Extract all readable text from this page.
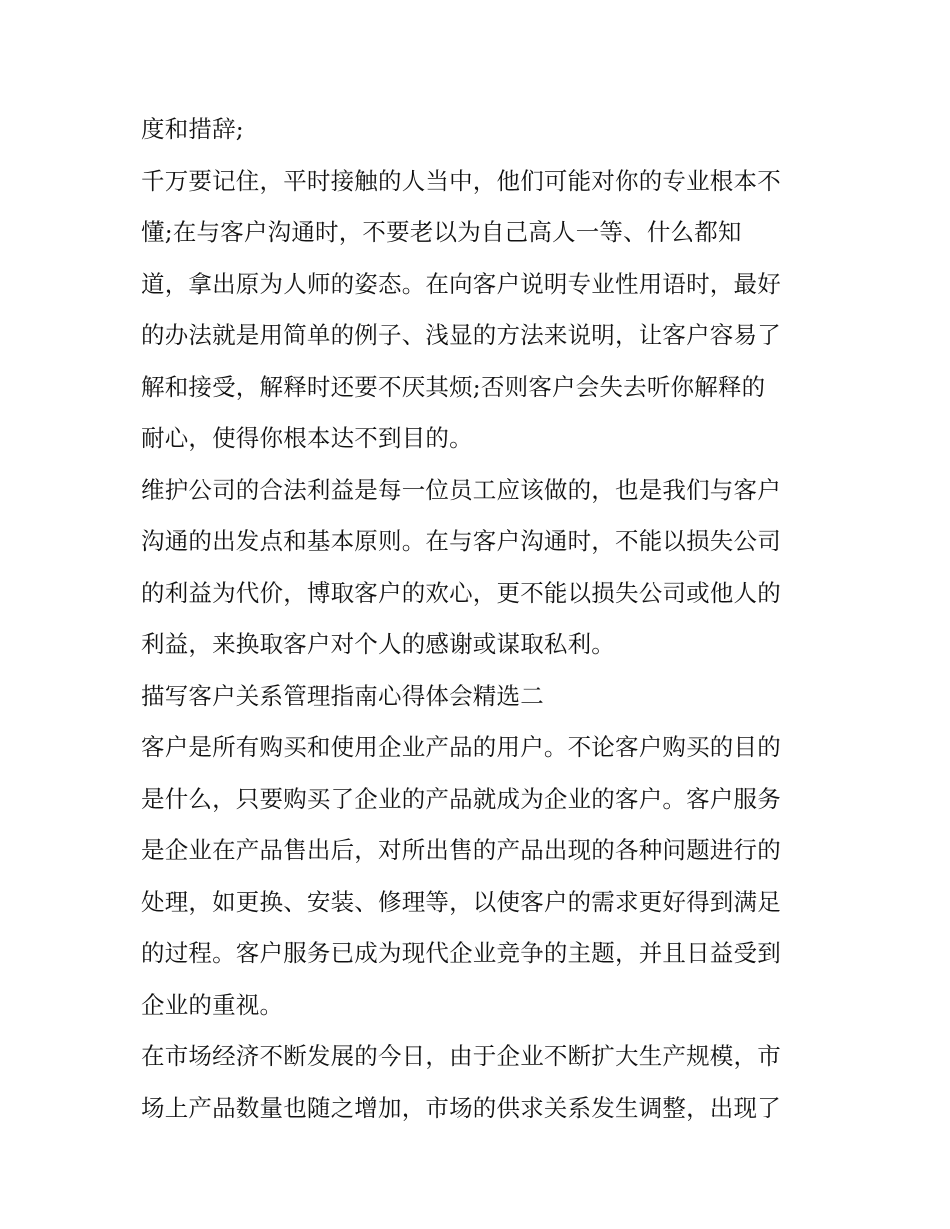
度和措辞;
千万要记住，平时接触的人当中，他们可能对你的专业根本不
懂;在与客户沟通时，不要老以为自己高人一等、什么都知
道，拿出原为人师的姿态。在向客户说明专业性用语时，最好
的办法就是用简单的例子、浅显的方法来说明，让客户容易了
解和接受，解释时还要不厌其烦;否则客户会失去听你解释的
耐心，使得你根本达不到目的。
维护公司的合法利益是每一位员工应该做的，也是我们与客户
沟通的出发点和基本原则。在与客户沟通时，不能以损失公司
的利益为代价，博取客户的欢心，更不能以损失公司或他人的
利益，来换取客户对个人的感谢或谋取私利。
描写客户关系管理指南心得体会精选二
客户是所有购买和使用企业产品的用户。不论客户购买的目的
是什么，只要购买了企业的产品就成为企业的客户。客户服务
是企业在产品售出后，对所出售的产品出现的各种问题进行的
处理，如更换、安装、修理等，以使客户的需求更好得到满足
的过程。客户服务已成为现代企业竞争的主题，并且日益受到
企业的重视。
在市场经济不断发展的今日，由于企业不断扩大生产规模，市
场上产品数量也随之增加，市场的供求关系发生调整，出现了
